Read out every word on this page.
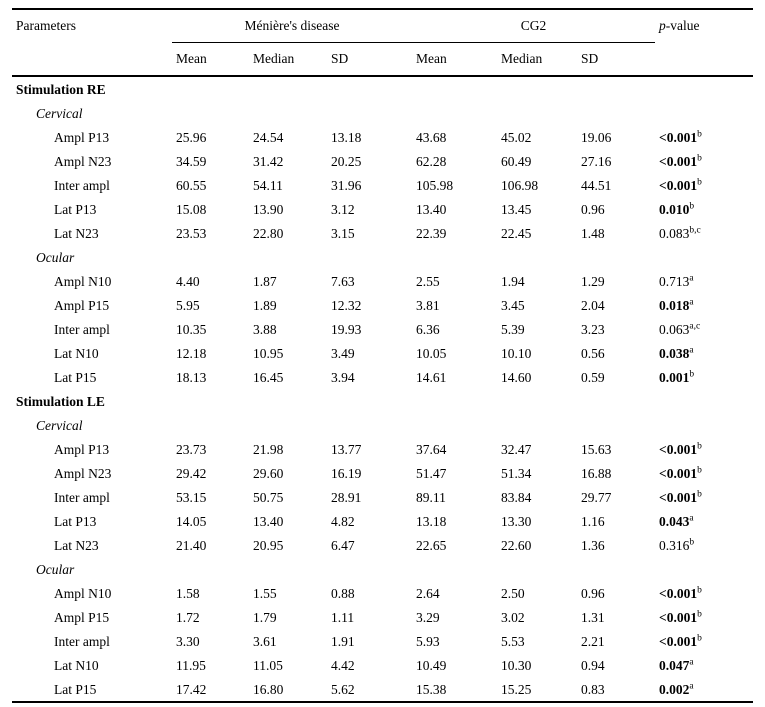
Parameters	Ménière's disease			CG2			p-value
	Mean	Median	SD	Mean	Median	SD	
Stimulation RE							
Cervical							
Ampl P13	25.96	24.54	13.18	43.68	45.02	19.06	<0.001$^b$
Ampl N23	34.59	31.42	20.25	62.28	60.49	27.16	<0.001$^b$
Inter ampl	60.55	54.11	31.96	105.98	106.98	44.51	<0.001$^b$
Lat P13	15.08	13.90	3.12	13.40	13.45	0.96	0.010$^b$
Lat N23	23.53	22.80	3.15	22.39	22.45	1.48	0.083$^{b,c}$
Ocular							
Ampl N10	4.40	1.87	7.63	2.55	1.94	1.29	0.713$^a$
Ampl P15	5.95	1.89	12.32	3.81	3.45	2.04	0.018$^a$
Inter ampl	10.35	3.88	19.93	6.36	5.39	3.23	0.063$^{a,c}$
Lat N10	12.18	10.95	3.49	10.05	10.10	0.56	0.038$^a$
Lat P15	18.13	16.45	3.94	14.61	14.60	0.59	0.001$^b$
Stimulation LE							
Cervical							
Ampl P13	23.73	21.98	13.77	37.64	32.47	15.63	<0.001$^b$
Ampl N23	29.42	29.60	16.19	51.47	51.34	16.88	<0.001$^b$
Inter ampl	53.15	50.75	28.91	89.11	83.84	29.77	<0.001$^b$
Lat P13	14.05	13.40	4.82	13.18	13.30	1.16	0.043$^a$
Lat N23	21.40	20.95	6.47	22.65	22.60	1.36	0.316$^b$
Ocular							
Ampl N10	1.58	1.55	0.88	2.64	2.50	0.96	<0.001$^b$
Ampl P15	1.72	1.79	1.11	3.29	3.02	1.31	<0.001$^b$
Inter ampl	3.30	3.61	1.91	5.93	5.53	2.21	<0.001$^b$
Lat N10	11.95	11.05	4.42	10.49	10.30	0.94	0.047$^a$
Lat P15	17.42	16.80	5.62	15.38	15.25	0.83	0.002$^a$
